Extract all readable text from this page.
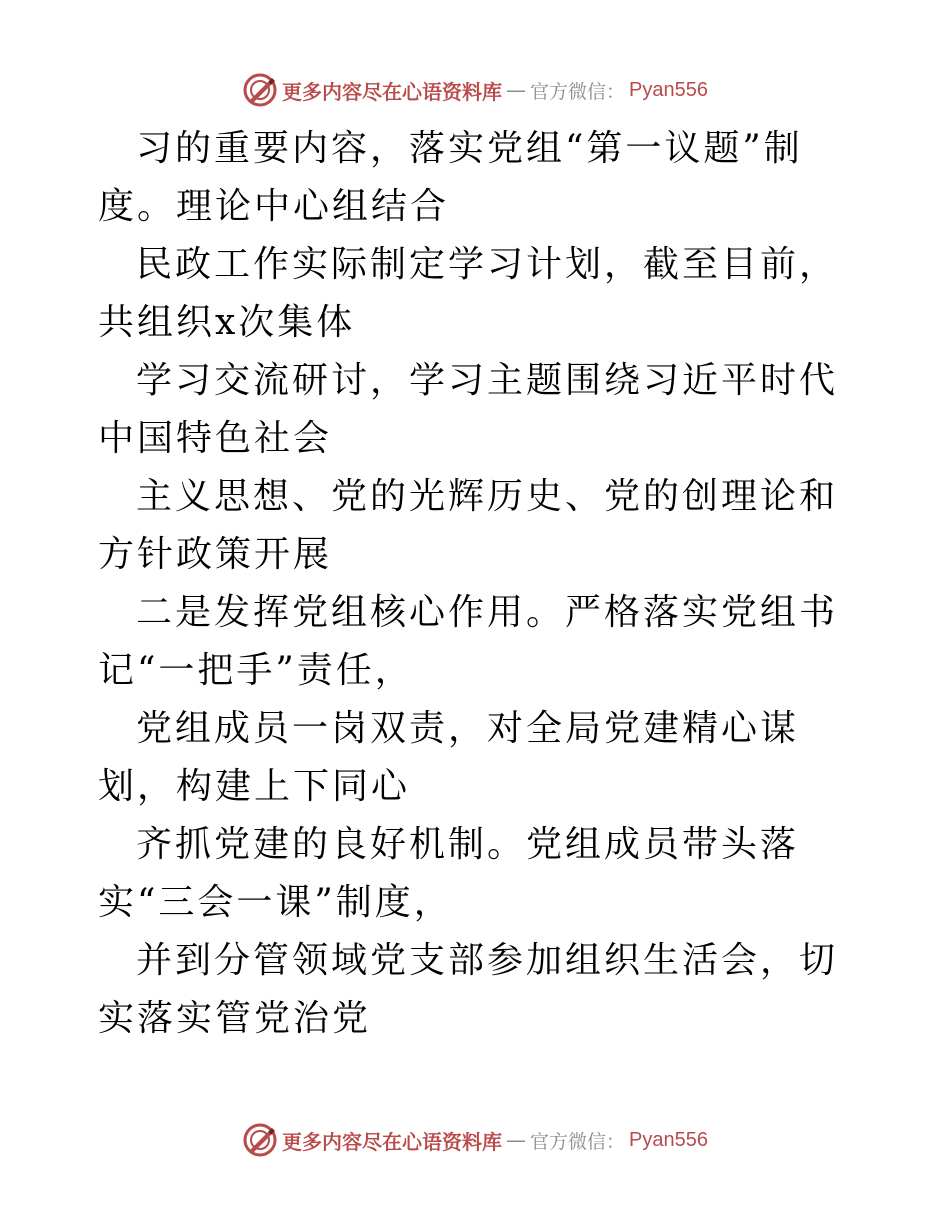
更多内容尽在心语资料库 — 官方微信： Pyan556

习的重要内容，落实党组“第一议题”制度。理论中心组结合

民政工作实际制定学习计划，截至目前，共组织x次集体

学习交流研讨，学习主题围绕习近平时代中国特色社会

主义思想、党的光辉历史、党的创理论和方针政策开展

二是发挥党组核心作用。严格落实党组书记“一把手”责任，

党组成员一岗双责，对全局党建精心谋划，构建上下同心

齐抓党建的良好机制。党组成员带头落实“三会一课”制度，

并到分管领域党支部参加组织生活会，切实落实管党治党

更多内容尽在心语资料库 — 官方微信： Pyan556
